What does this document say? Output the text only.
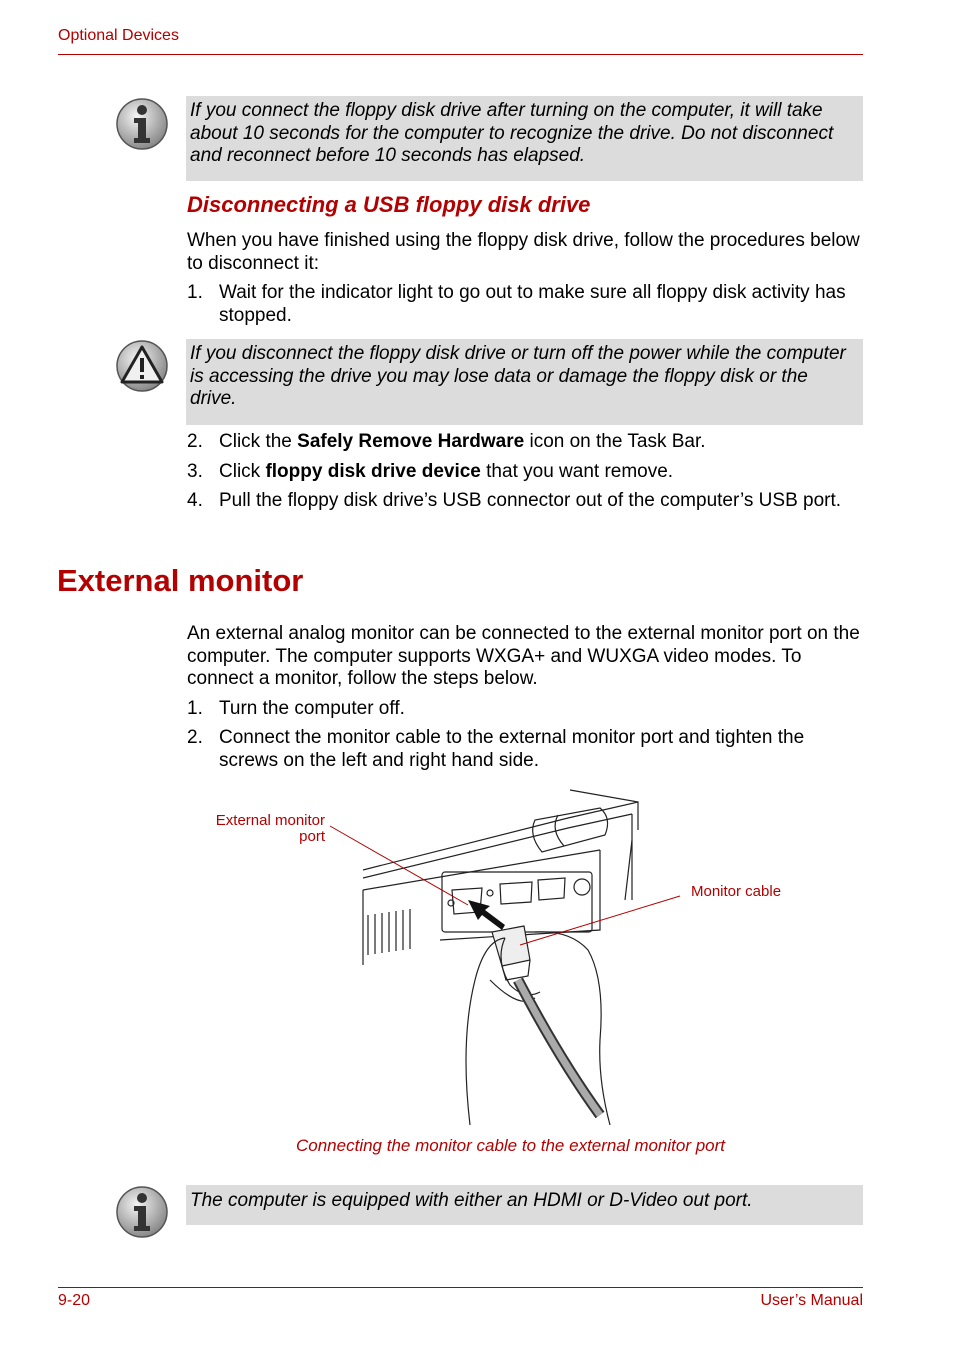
Optional Devices
If you connect the floppy disk drive after turning on the computer, it will take about 10 seconds for the computer to recognize the drive. Do not disconnect and reconnect before 10 seconds has elapsed.
Disconnecting a USB floppy disk drive
When you have finished using the floppy disk drive, follow the procedures below to disconnect it:
1. Wait for the indicator light to go out to make sure all floppy disk activity has stopped.
If you disconnect the floppy disk drive or turn off the power while the computer is accessing the drive you may lose data or damage the floppy disk or the drive.
2. Click the Safely Remove Hardware icon on the Task Bar.
3. Click floppy disk drive device that you want remove.
4. Pull the floppy disk drive’s USB connector out of the computer’s USB port.
External monitor
An external analog monitor can be connected to the external monitor port on the computer. The computer supports WXGA+ and WUXGA video modes. To connect a monitor, follow the steps below.
1. Turn the computer off.
2. Connect the monitor cable to the external monitor port and tighten the screws on the left and right hand side.
External monitor
port
Monitor cable
Connecting the monitor cable to the external monitor port
The computer is equipped with either an HDMI or D-Video out port.
9-20	User’s Manual
